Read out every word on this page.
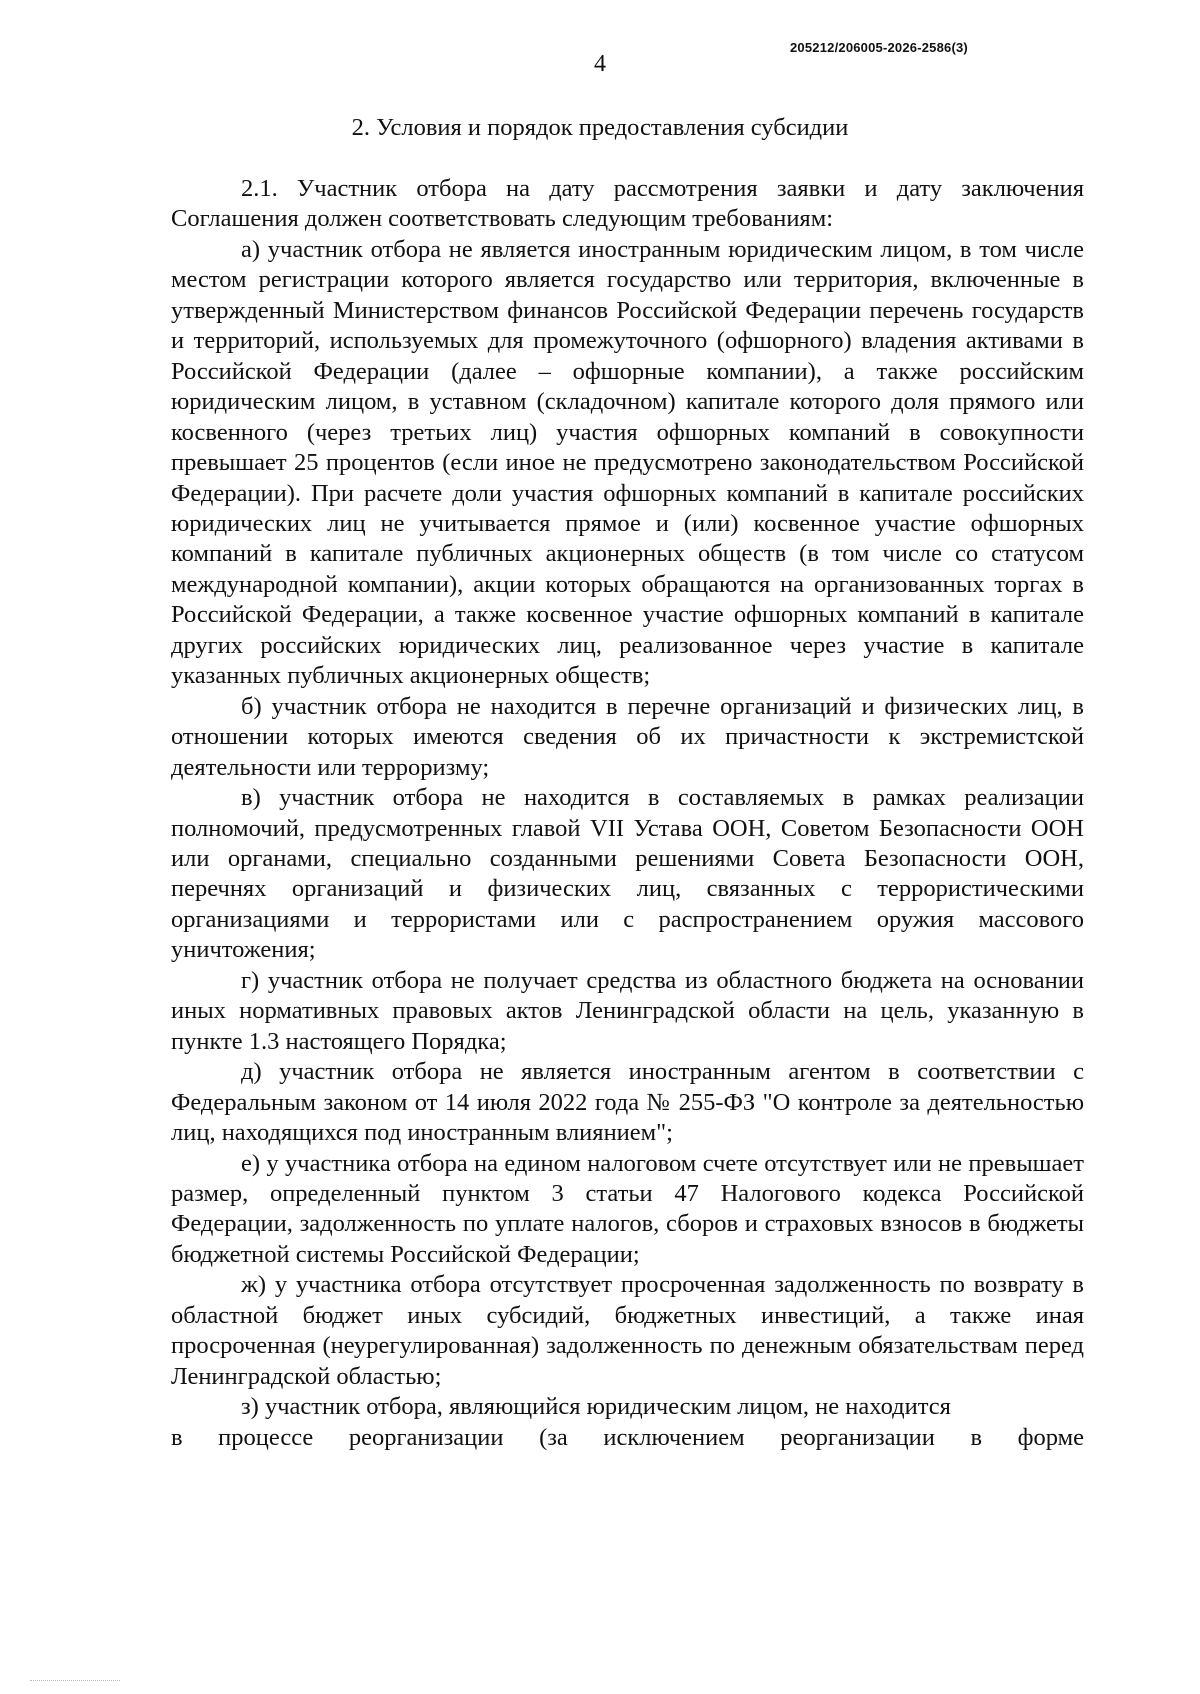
4
205212/206005-2026-2586(3)
2. Условия и порядок предоставления субсидии

2.1. Участник отбора на дату рассмотрения заявки и дату заключения Соглашения должен соответствовать следующим требованиям:

а) участник отбора не является иностранным юридическим лицом, в том числе местом регистрации которого является государство или территория, включенные в утвержденный Министерством финансов Российской Федерации перечень государств и территорий, используемых для промежуточного (офшорного) владения активами в Российской Федерации (далее – офшорные компании), а также российским юридическим лицом, в уставном (складочном) капитале которого доля прямого или косвенного (через третьих лиц) участия офшорных компаний в совокупности превышает 25 процентов (если иное не предусмотрено законодательством Российской Федерации). При расчете доли участия офшорных компаний в капитале российских юридических лиц не учитывается прямое и (или) косвенное участие офшорных компаний в капитале публичных акционерных обществ (в том числе со статусом международной компании), акции которых обращаются на организованных торгах в Российской Федерации, а также косвенное участие офшорных компаний в капитале других российских юридических лиц, реализованное через участие в капитале указанных публичных акционерных обществ;

б) участник отбора не находится в перечне организаций и физических лиц, в отношении которых имеются сведения об их причастности к экстремистской деятельности или терроризму;

в) участник отбора не находится в составляемых в рамках реализации полномочий, предусмотренных главой VII Устава ООН, Советом Безопасности ООН или органами, специально созданными решениями Совета Безопасности ООН, перечнях организаций и физических лиц, связанных с террористическими организациями и террористами или с распространением оружия массового уничтожения;

г) участник отбора не получает средства из областного бюджета на основании иных нормативных правовых актов Ленинградской области на цель, указанную в пункте 1.3 настоящего Порядка;

д) участник отбора не является иностранным агентом в соответствии с Федеральным законом от 14 июля 2022 года № 255-ФЗ "О контроле за деятельностью лиц, находящихся под иностранным влиянием";

е) у участника отбора на едином налоговом счете отсутствует или не превышает размер, определенный пунктом 3 статьи 47 Налогового кодекса Российской Федерации, задолженность по уплате налогов, сборов и страховых взносов в бюджеты бюджетной системы Российской Федерации;

ж) у участника отбора отсутствует просроченная задолженность по возврату в областной бюджет иных субсидий, бюджетных инвестиций, а также иная просроченная (неурегулированная) задолженность по денежным обязательствам перед Ленинградской областью;

з) участник отбора, являющийся юридическим лицом, не находится

в процессе реорганизации (за исключением реорганизации в форме
